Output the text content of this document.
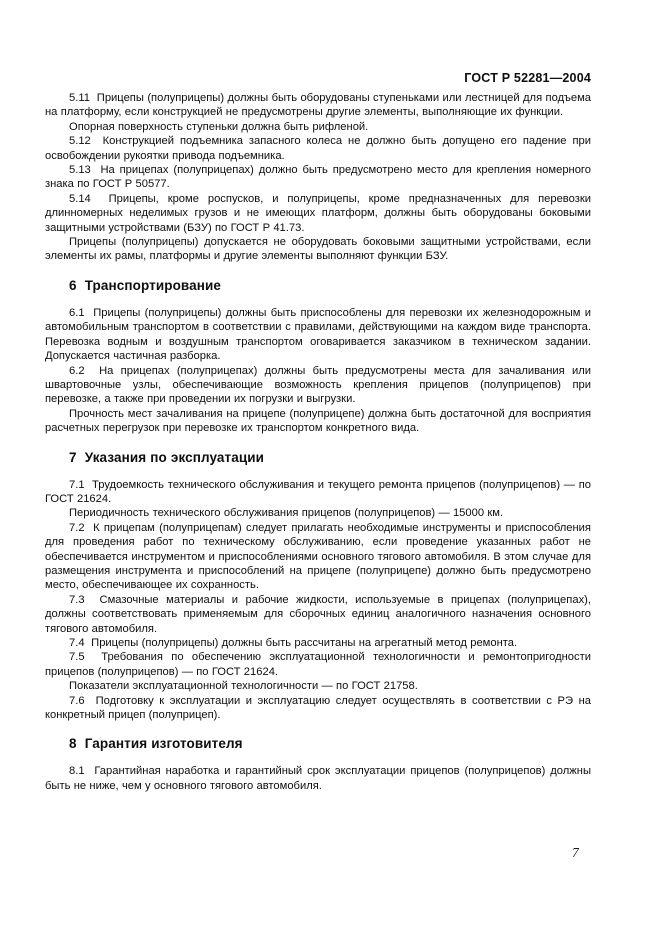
ГОСТ Р 52281—2004

5.11  Прицепы (полуприцепы) должны быть оборудованы ступеньками или лестницей для подъема на платформу, если конструкцией не предусмотрены другие элементы, выполняющие их функции.

Опорная поверхность ступеньки должна быть рифленой.

5.12  Конструкцией подъемника запасного колеса не должно быть допущено его падение при освобождении рукоятки привода подъемника.

5.13  На прицепах (полуприцепах) должно быть предусмотрено место для крепления номерного знака по ГОСТ Р 50577.

5.14  Прицепы, кроме роспусков, и полуприцепы, кроме предназначенных для перевозки длинномерных неделимых грузов и не имеющих платформ, должны быть оборудованы боковыми защитными устройствами (БЗУ) по ГОСТ Р 41.73.

Прицепы (полуприцепы) допускается не оборудовать боковыми защитными устройствами, если элементы их рамы, платформы и другие элементы выполняют функции БЗУ.

6  Транспортирование

6.1  Прицепы (полуприцепы) должны быть приспособлены для перевозки их железнодорожным и автомобильным транспортом в соответствии с правилами, действующими на каждом виде транспорта. Перевозка водным и воздушным транспортом оговаривается заказчиком в техническом задании. Допускается частичная разборка.

6.2  На прицепах (полуприцепах) должны быть предусмотрены места для зачаливания или швартовочные узлы, обеспечивающие возможность крепления прицепов (полуприцепов) при перевозке, а также при проведении их погрузки и выгрузки.

Прочность мест зачаливания на прицепе (полуприцепе) должна быть достаточной для восприятия расчетных перегрузок при перевозке их транспортом конкретного вида.

7  Указания по эксплуатации

7.1  Трудоемкость технического обслуживания и текущего ремонта прицепов (полуприцепов) — по ГОСТ 21624.

Периодичность технического обслуживания прицепов (полуприцепов) — 15000 км.

7.2  К прицепам (полуприцепам) следует прилагать необходимые инструменты и приспособления для проведения работ по техническому обслуживанию, если проведение указанных работ не обеспечивается инструментом и приспособлениями основного тягового автомобиля. В этом случае для размещения инструмента и приспособлений на прицепе (полуприцепе) должно быть предусмотрено место, обеспечивающее их сохранность.

7.3  Смазочные материалы и рабочие жидкости, используемые в прицепах (полуприцепах), должны соответствовать применяемым для сборочных единиц аналогичного назначения основного тягового автомобиля.

7.4  Прицепы (полуприцепы) должны быть рассчитаны на агрегатный метод ремонта.

7.5  Требования по обеспечению эксплуатационной технологичности и ремонтопригодности прицепов (полуприцепов) — по ГОСТ 21624.

Показатели эксплуатационной технологичности — по ГОСТ 21758.

7.6  Подготовку к эксплуатации и эксплуатацию следует осуществлять в соответствии с РЭ на конкретный прицеп (полуприцеп).

8  Гарантия изготовителя

8.1  Гарантийная наработка и гарантийный срок эксплуатации прицепов (полуприцепов) должны быть не ниже, чем у основного тягового автомобиля.

7
